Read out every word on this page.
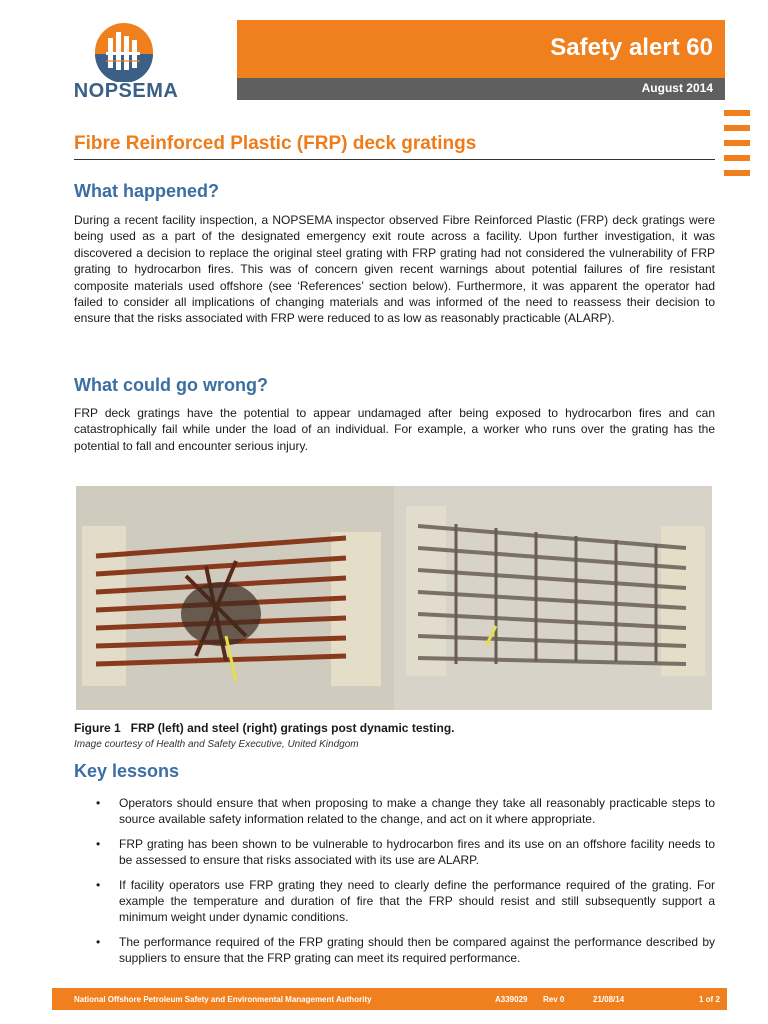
NOPSEMA
Safety alert 60
August 2014
Fibre Reinforced Plastic (FRP) deck gratings
What happened?

During a recent facility inspection, a NOPSEMA inspector observed Fibre Reinforced Plastic (FRP) deck gratings were being used as a part of the designated emergency exit route across a facility. Upon further investigation, it was discovered a decision to replace the original steel grating with FRP grating had not considered the vulnerability of FRP grating to hydrocarbon fires. This was of concern given recent warnings about potential failures of fire resistant composite materials used offshore (see ‘References’ section below). Furthermore, it was apparent the operator had failed to consider all implications of changing materials and was informed of the need to reassess their decision to ensure that the risks associated with FRP were reduced to as low as reasonably practicable (ALARP).

What could go wrong?

FRP deck gratings have the potential to appear undamaged after being exposed to hydrocarbon fires and can catastrophically fail while under the load of an individual. For example, a worker who runs over the grating has the potential to fall and encounter serious injury.

Figure 1   FRP (left) and steel (right) gratings post dynamic testing.
Image courtesy of Health and Safety Executive, United Kindgom
Key lessons
• Operators should ensure that when proposing to make a change they take all reasonably practicable steps to source available safety information related to the change, and act on it where appropriate.
• FRP grating has been shown to be vulnerable to hydrocarbon fires and its use on an offshore facility needs to be assessed to ensure that risks associated with its use are ALARP.
• If facility operators use FRP grating they need to clearly define the performance required of the grating. For example the temperature and duration of fire that the FRP should resist and still subsequently support a minimum weight under dynamic conditions.
• The performance required of the FRP grating should then be compared against the performance described by suppliers to ensure that the FRP grating can meet its required performance.
National Offshore Petroleum Safety and Environmental Management Authority	A339029 Rev 0	21/08/14	1 of 2
